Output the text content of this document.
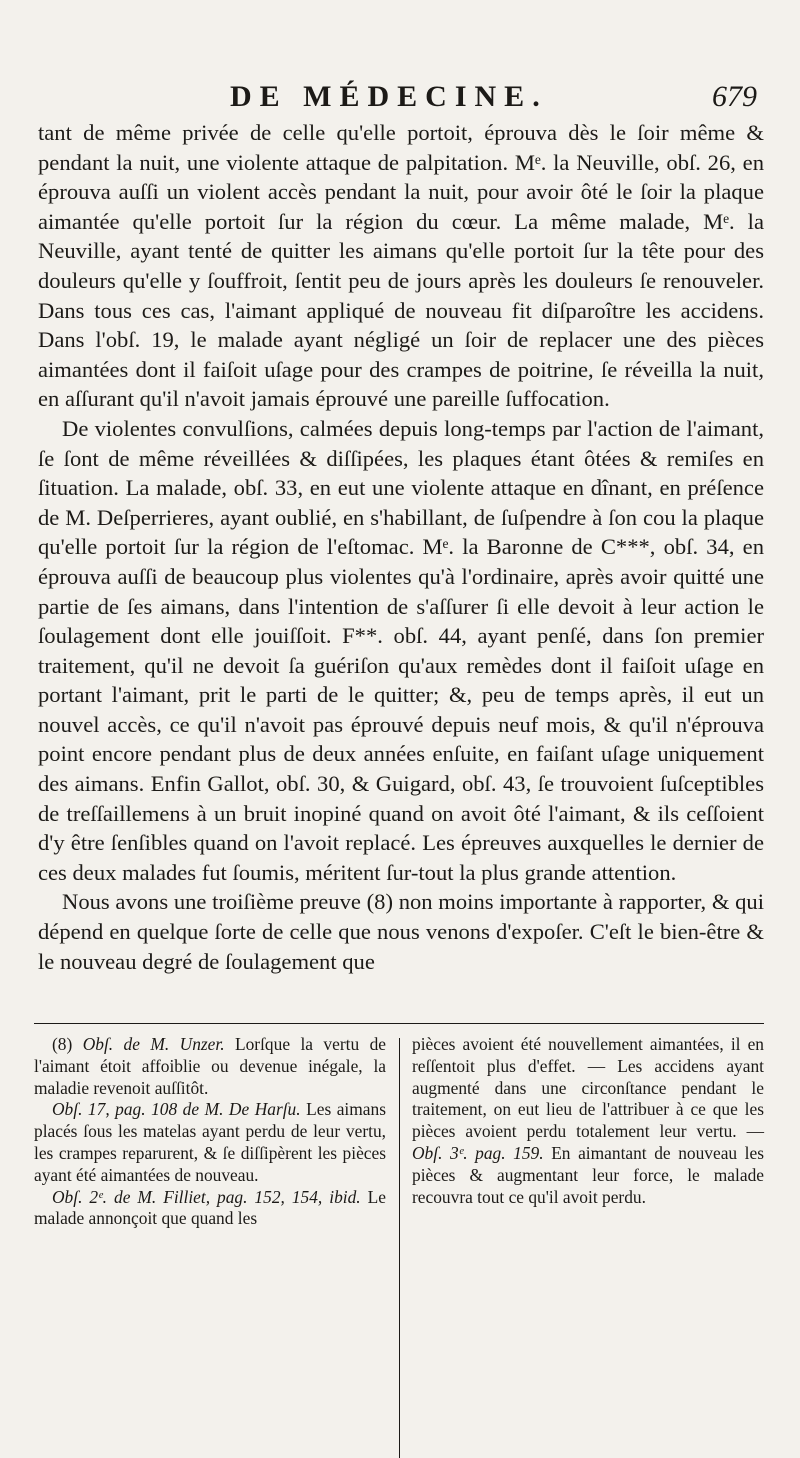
DE MÉDECINE.	679

tant de même privée de celle qu'elle portoit, éprouva dès le ſoir même & pendant la nuit, une violente attaque de palpitation. Mᵉ. la Neuville, obſ. 26, en éprouva auſſi un violent accès pendant la nuit, pour avoir ôté le ſoir la plaque aimantée qu'elle portoit ſur la région du cœur. La même malade, Mᵉ. la Neuville, ayant tenté de quitter les aimans qu'elle portoit ſur la tête pour des douleurs qu'elle y ſouffroit, ſentit peu de jours après les douleurs ſe renouveler. Dans tous ces cas, l'aimant appliqué de nouveau fit diſparoître les accidens. Dans l'obſ. 19, le malade ayant négligé un ſoir de replacer une des pièces aimantées dont il faiſoit uſage pour des crampes de poitrine, ſe réveilla la nuit, en aſſurant qu'il n'avoit jamais éprouvé une pareille ſuffocation.

De violentes convulſions, calmées depuis long-temps par l'action de l'aimant, ſe ſont de même réveillées & diſſipées, les plaques étant ôtées & remiſes en ſituation. La malade, obſ. 33, en eut une violente attaque en dînant, en préſence de M. Deſperrieres, ayant oublié, en s'habillant, de ſuſpendre à ſon cou la plaque qu'elle portoit ſur la région de l'eſtomac. Mᵉ. la Baronne de C***, obſ. 34, en éprouva auſſi de beaucoup plus violentes qu'à l'ordinaire, après avoir quitté une partie de ſes aimans, dans l'intention de s'aſſurer ſi elle devoit à leur action le ſoulagement dont elle jouiſſoit. F**. obſ. 44, ayant penſé, dans ſon premier traitement, qu'il ne devoit ſa guériſon qu'aux remèdes dont il faiſoit uſage en portant l'aimant, prit le parti de le quitter; &, peu de temps après, il eut un nouvel accès, ce qu'il n'avoit pas éprouvé depuis neuf mois, & qu'il n'éprouva point encore pendant plus de deux années enſuite, en faiſant uſage uniquement des aimans. Enfin Gallot, obſ. 30, & Guigard, obſ. 43, ſe trouvoient ſuſceptibles de treſſaillemens à un bruit inopiné quand on avoit ôté l'aimant, & ils ceſſoient d'y être ſenſibles quand on l'avoit replacé. Les épreuves auxquelles le dernier de ces deux malades fut ſoumis, méritent ſur-tout la plus grande attention.

Nous avons une troiſième preuve (8) non moins importante à rapporter, & qui dépend en quelque ſorte de celle que nous venons d'expoſer. C'eſt le bien-être & le nouveau degré de ſoulagement que

(8) Obſ. de M. Unzer. Lorſque la vertu de l'aimant étoit affoiblie ou devenue inégale, la maladie revenoit auſſitôt.

Obſ. 17, pag. 108 de M. De Harſu. Les aimans placés ſous les matelas ayant perdu de leur vertu, les crampes reparurent, & ſe diſſipèrent les pièces ayant été aimantées de nouveau.

Obſ. 2ᵉ. de M. Filliet, pag. 152, 154, ibid. Le malade annonçoit que quand les

pièces avoient été nouvellement aimantées, il en reſſentoit plus d'effet. — Les accidens ayant augmenté dans une circonſtance pendant le traitement, on eut lieu de l'attribuer à ce que les pièces avoient perdu totalement leur vertu. — Obſ. 3ᵉ. pag. 159. En aimantant de nouveau les pièces & augmentant leur force, le malade recouvra tout ce qu'il avoit perdu.
